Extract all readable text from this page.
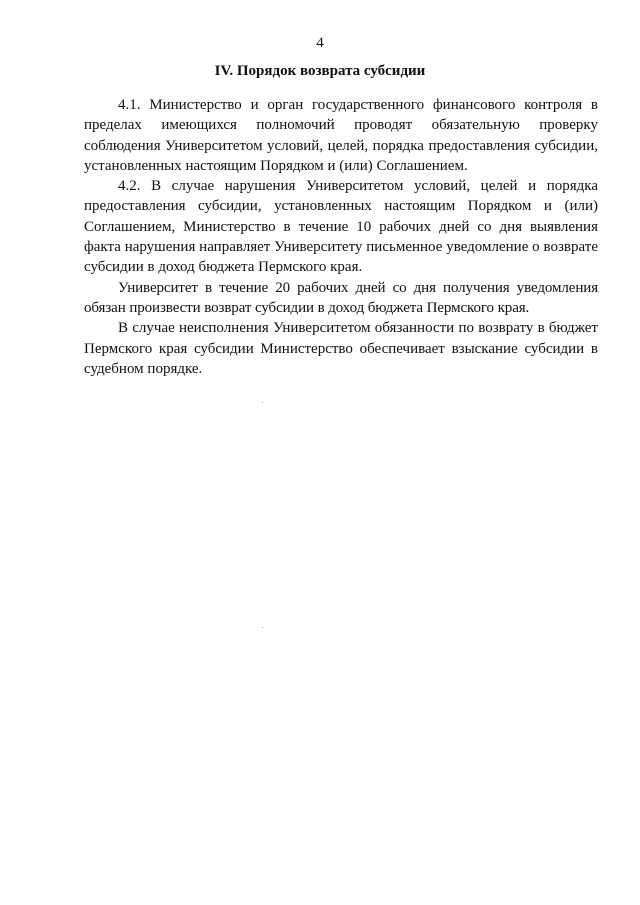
4
IV. Порядок возврата субсидии

4.1. Министерство и орган государственного финансового контроля в пределах имеющихся полномочий проводят обязательную проверку соблюдения Университетом условий, целей, порядка предоставления субсидии, установленных настоящим Порядком и (или) Соглашением.

4.2. В случае нарушения Университетом условий, целей и порядка предоставления субсидии, установленных настоящим Порядком и (или) Соглашением, Министерство в течение 10 рабочих дней со дня выявления факта нарушения направляет Университету письменное уведомление о возврате субсидии в доход бюджета Пермского края.

Университет в течение 20 рабочих дней со дня получения уведомления обязан произвести возврат субсидии в доход бюджета Пермского края.

В случае неисполнения Университетом обязанности по возврату в бюджет Пермского края субсидии Министерство обеспечивает взыскание субсидии в судебном порядке.
